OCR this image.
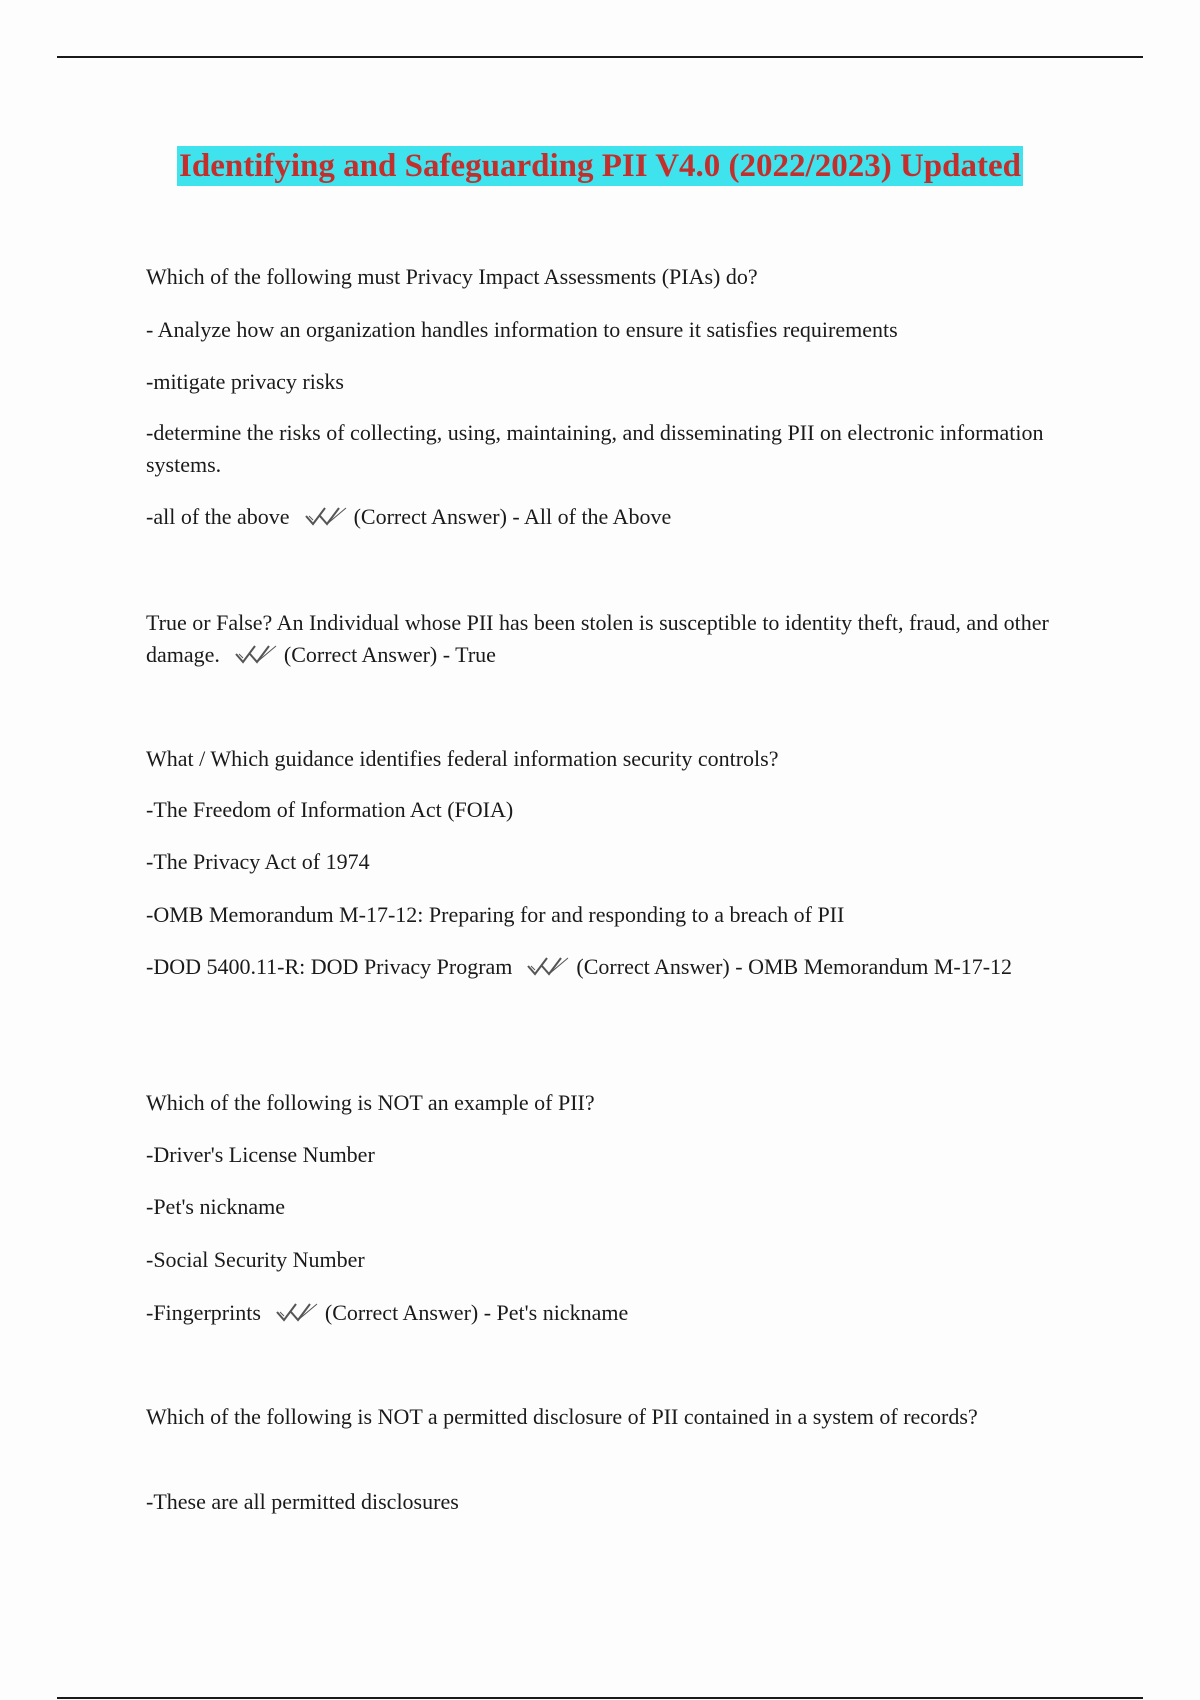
Identifying and Safeguarding PII V4.0 (2022/2023) Updated
Which of the following must Privacy Impact Assessments (PIAs) do?
- Analyze how an organization handles information to ensure it satisfies requirements
-mitigate privacy risks
-determine the risks of collecting, using, maintaining, and disseminating PII on electronic information systems.
-all of the above	(Correct Answer) - All of the Above
True or False? An Individual whose PII has been stolen is susceptible to identity theft, fraud, and other damage.	(Correct Answer) - True
What / Which guidance identifies federal information security controls?
-The Freedom of Information Act (FOIA)
-The Privacy Act of 1974
-OMB Memorandum M-17-12: Preparing for and responding to a breach of PII
-DOD 5400.11-R: DOD Privacy Program	(Correct Answer) - OMB Memorandum M-17-12
Which of the following is NOT an example of PII?
-Driver's License Number
-Pet's nickname
-Social Security Number
-Fingerprints	(Correct Answer) - Pet's nickname
Which of the following is NOT a permitted disclosure of PII contained in a system of records?
-These are all permitted disclosures
